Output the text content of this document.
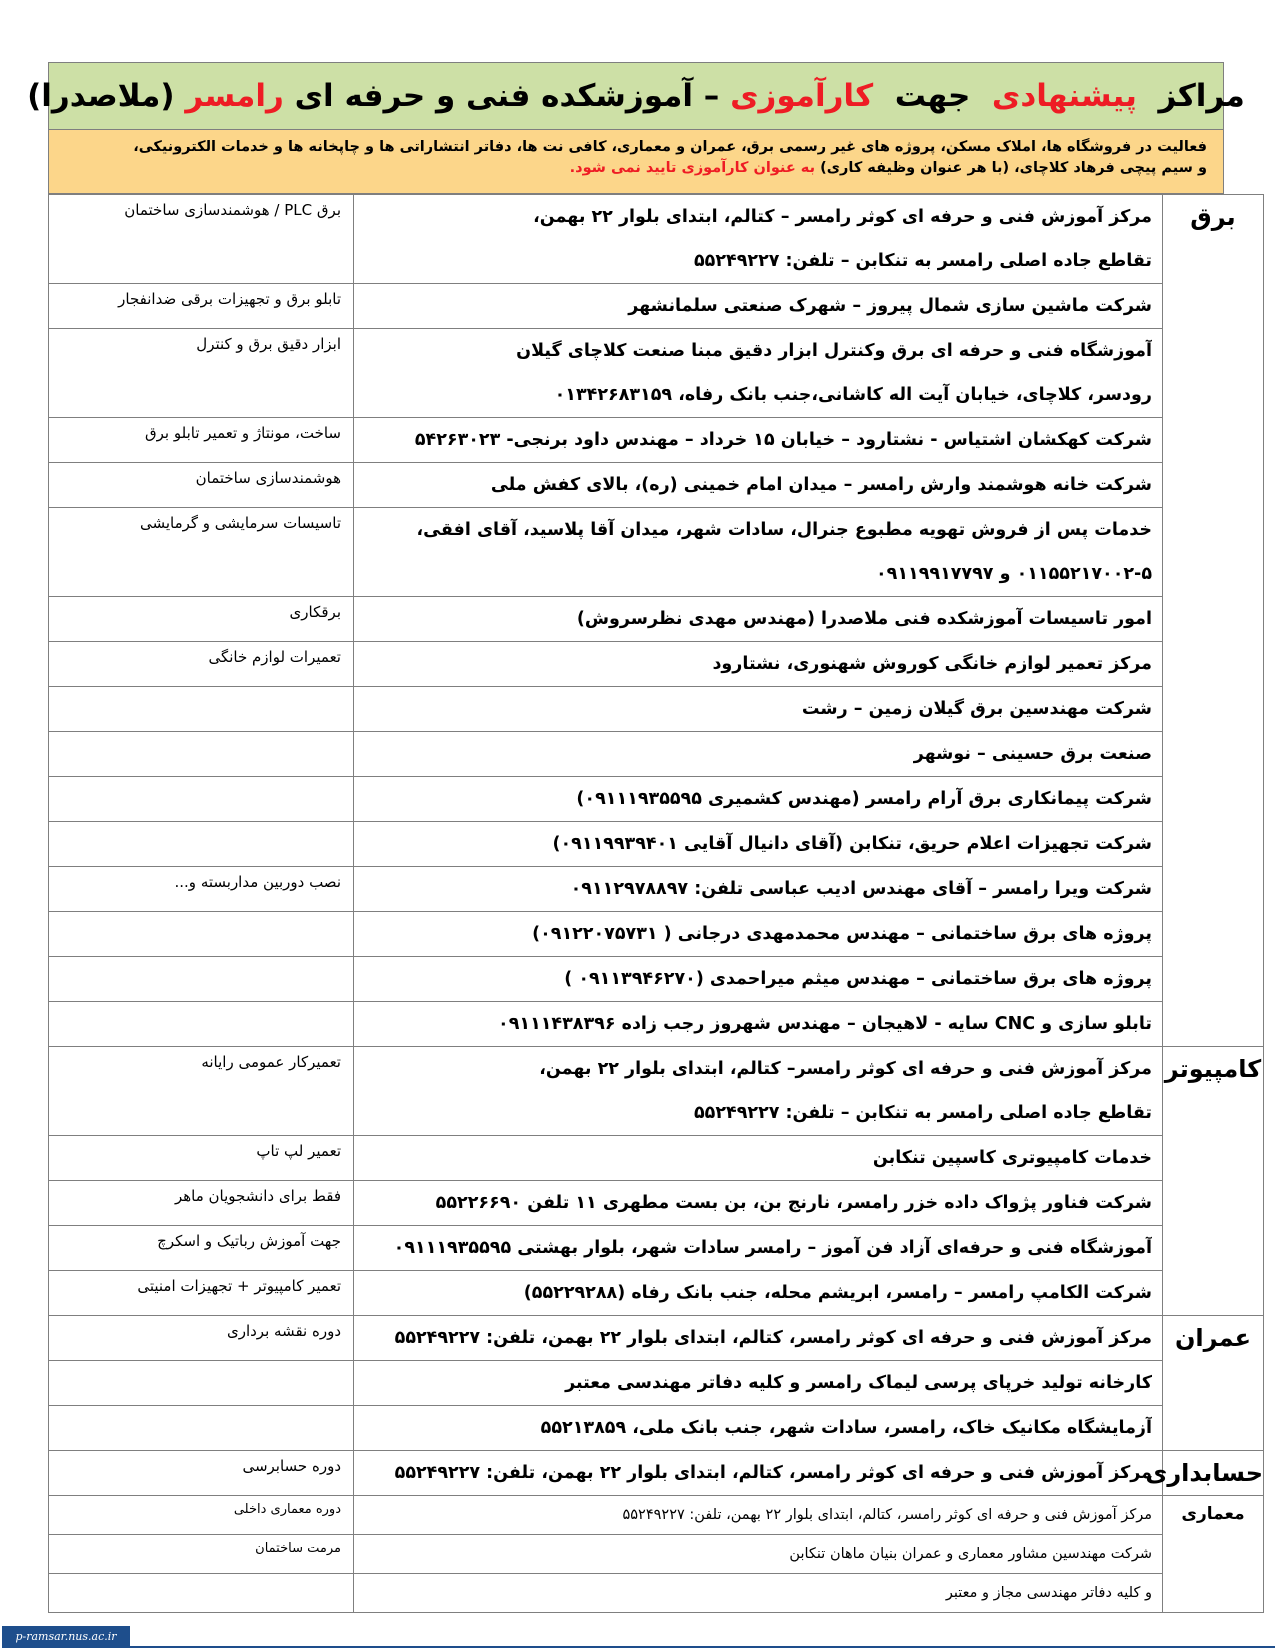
مراکز

پیشنهادی

جهت

کارآموزی

– آموزشکده فنی و حرفه ای

رامسر

(ملاصدرا)
فعالیت در فروشگاه ها، املاک مسکن، پروژه های غیر رسمی برق، عمران و معماری، کافی نت ها، دفاتر انتشاراتی ها و چاپخانه ها و خدمات الکترونیکی،
و سیم پیچی فرهاد کلاچای، (با هر عنوان وظیفه کاری) به عنوان کارآموزی تایید نمی شود.
برق	مرکز آموزش فنی و حرفه ای کوثر رامسر – کتالم، ابتدای بلوار ۲۲ بهمن،
تقاطع جاده اصلی رامسر به تنکابن – تلفن: ۵۵۲۴۹۲۲۷	برق PLC / هوشمندسازی ساختمان

	شرکت ماشین سازی شمال پیروز – شهرک صنعتی سلمانشهر	تابلو برق و تجهیزات برقی ضدانفجار

	آموزشگاه فنی و حرفه ای برق وکنترل ابزار دقیق مبنا صنعت کلاچای گیلان
رودسر، کلاچای، خیابان آیت اله کاشانی،جنب بانک رفاه، ۰۱۳۴۲۶۸۳۱۵۹	ابزار دقیق برق و کنترل

	شرکت کهکشان اشتیاس - نشتارود – خیابان ۱۵ خرداد – مهندس داود برنجی- ۵۴۲۶۳۰۲۳	ساخت، مونتاژ و تعمیر تابلو برق

	شرکت خانه هوشمند وارش رامسر – میدان امام خمینی (ره)، بالای کفش ملی	هوشمندسازی ساختمان

	خدمات پس از فروش تهویه مطبوع جنرال، سادات شهر، میدان آقا پلاسید، آقای افقی،
۰۱۱۵۵۲۱۷۰۰۲-۵ و ۰۹۱۱۹۹۱۷۷۹۷	تاسیسات سرمایشی و گرمایشی

	امور تاسیسات آموزشکده فنی ملاصدرا (مهندس مهدی نظرسروش)	برقکاری

	مرکز تعمیر لوازم خانگی کوروش شهنوری، نشتارود	تعمیرات لوازم خانگی

	شرکت مهندسین برق گیلان زمین – رشت	

	صنعت برق حسینی – نوشهر	

	شرکت پیمانکاری برق آرام رامسر (مهندس کشمیری ۰۹۱۱۱۹۳۵۵۹۵)	

	شرکت تجهیزات اعلام حریق، تنکابن (آقای دانیال آقایی ۰۹۱۱۹۹۳۹۴۰۱)	

	شرکت ویرا رامسر – آقای مهندس ادیب عباسی تلفن: ۰۹۱۱۲۹۷۸۸۹۷	نصب دوربین مداربسته و...

	پروژه های برق ساختمانی – مهندس محمدمهدی درجانی ( ۰۹۱۲۲۰۷۵۷۳۱)	

	پروژه های برق ساختمانی – مهندس میثم میراحمدی (۰۹۱۱۳۹۴۶۲۷۰ )	

	تابلو سازی و CNC سایه - لاهیجان – مهندس شهروز رجب زاده ۰۹۱۱۱۴۳۸۳۹۶	

کامپیوتر	مرکز آموزش فنی و حرفه ای کوثر رامسر– کتالم، ابتدای بلوار ۲۲ بهمن،
تقاطع جاده اصلی رامسر به تنکابن – تلفن: ۵۵۲۴۹۲۲۷	تعمیرکار عمومی رایانه

	خدمات کامپیوتری کاسپین تنکابن	تعمیر لپ تاپ

	شرکت فناور پژواک داده خزر رامسر، نارنج بن، بن بست مطهری ۱۱ تلفن ۵۵۲۲۶۶۹۰	فقط برای دانشجویان ماهر

	آموزشگاه فنی و حرفه‌ای آزاد فن آموز – رامسر سادات شهر، بلوار بهشتی ۰۹۱۱۱۹۳۵۵۹۵	جهت آموزش رباتیک و اسکرچ

	شرکت الکامپ رامسر – رامسر، ابریشم محله، جنب بانک رفاه (۵۵۲۲۹۲۸۸)	تعمیر کامپیوتر + تجهیزات امنیتی
عمران	مرکز آموزش فنی و حرفه ای کوثر رامسر، کتالم، ابتدای بلوار ۲۲ بهمن، تلفن: ۵۵۲۴۹۲۲۷	دوره نقشه برداری

	کارخانه تولید خرپای پرسی لیماک رامسر و کلیه دفاتر مهندسی معتبر	

	آزمایشگاه مکانیک خاک، رامسر، سادات شهر، جنب بانک ملی، ۵۵۲۱۳۸۵۹	

حسابداری	مرکز آموزش فنی و حرفه ای کوثر رامسر، کتالم، ابتدای بلوار ۲۲ بهمن، تلفن: ۵۵۲۴۹۲۲۷	دوره حسابرسی
معماری	مرکز آموزش فنی و حرفه ای کوثر رامسر، کتالم، ابتدای بلوار ۲۲ بهمن، تلفن: ۵۵۲۴۹۲۲۷	دوره معماری داخلی

	شرکت مهندسین مشاور معماری و عمران بنیان ماهان تنکابن	مرمت ساختمان

	و کلیه دفاتر مهندسی مجاز و معتبر	

p-ramsar.nus.ac.ir
